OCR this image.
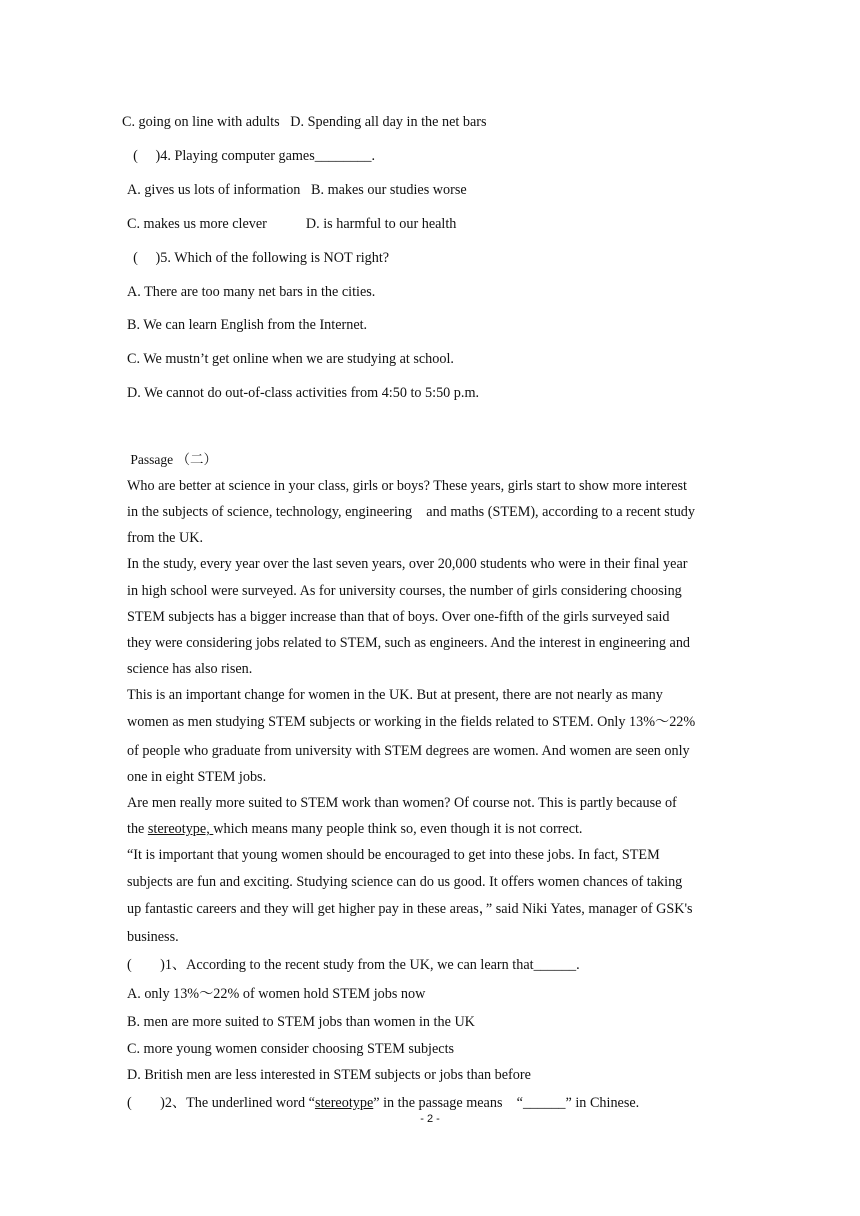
C. going on line with adults   D. Spending all day in the net bars
(     )4. Playing computer games________.
A. gives us lots of information   B. makes our studies worse
C. makes us more clever           D. is harmful to our health
(     )5. Which of the following is NOT right?
A. There are too many net bars in the cities.
B. We can learn English from the Internet.
C. We mustn’t get online when we are studying at school.
D. We cannot do out-of-class activities from 4:50 to 5:50 p.m.
Passage （二）
Who are better at science in your class, girls or boys? These years, girls start to show more interest
in the subjects of science, technology, engineering    and maths (STEM), according to a recent study
from the UK.
In the study, every year over the last seven years, over 20,000 students who were in their final year
in high school were surveyed. As for university courses, the number of girls considering choosing
STEM subjects has a bigger increase than that of boys. Over one-fifth of the girls surveyed said
they were considering jobs related to STEM, such as engineers. And the interest in engineering and
science has also risen.
This is an important change for women in the UK. But at present, there are not nearly as many
women as men studying STEM subjects or working in the fields related to STEM. Only 13%～22%
of people who graduate from university with STEM degrees are women. And women are seen only
one in eight STEM jobs.
Are men really more suited to STEM work than women? Of course not. This is partly because of
the stereotype, which means many people think so, even though it is not correct.
“It is important that young women should be encouraged to get into these jobs. In fact, STEM
subjects are fun and exciting. Studying science can do us good. It offers women chances of taking
up fantastic careers and they will get higher pay in these areas，” said Niki Yates, manager of GSK's
business.
(        )1、According to the recent study from the UK, we can learn that______.
A. only 13%～22% of women hold STEM jobs now
B. men are more suited to STEM jobs than women in the UK
C. more young women consider choosing STEM subjects
D. British men are less interested in STEM subjects or jobs than before
(        )2、The underlined word “stereotype” in the passage means    “______” in Chinese.
- 2 -
